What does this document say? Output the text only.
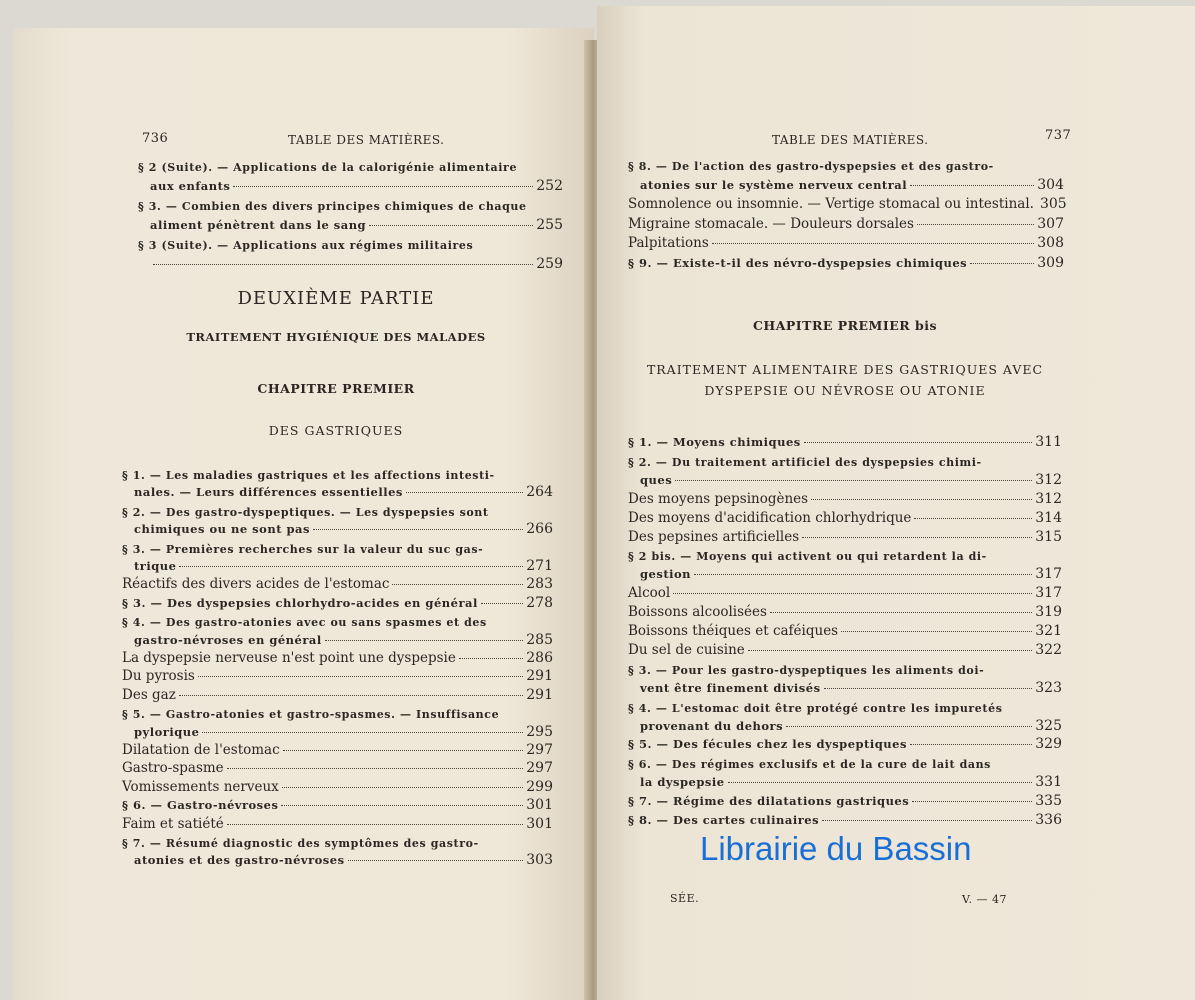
736	TABLE DES MATIÈRES.
§ 2 (Suite). — Applications de la calorigénie alimentaire
aux enfants	252
§ 3. — Combien des divers principes chimiques de chaque
aliment pénètrent dans le sang	255
§ 3 (Suite). — Applications aux régimes militaires
259
DEUXIÈME PARTIE
TRAITEMENT HYGIÉNIQUE DES MALADES
CHAPITRE PREMIER
DES GASTRIQUES
§ 1. — Les maladies gastriques et les affections intesti-
nales. — Leurs différences essentielles	264
§ 2. — Des gastro-dyspeptiques. — Les dyspepsies sont
chimiques ou ne sont pas	266
§ 3. — Premières recherches sur la valeur du suc gas-
trique	271
Réactifs des divers acides de l'estomac	283
§ 3. — Des dyspepsies chlorhydro-acides en général	278
§ 4. — Des gastro-atonies avec ou sans spasmes et des
gastro-névroses en général	285
La dyspepsie nerveuse n'est point une dyspepsie	286
Du pyrosis	291
Des gaz	291
§ 5. — Gastro-atonies et gastro-spasmes. — Insuffisance
pylorique	295
Dilatation de l'estomac	297
Gastro-spasme	297
Vomissements nerveux	299
§ 6. — Gastro-névroses	301
Faim et satiété	301
§ 7. — Résumé diagnostic des symptômes des gastro-
atonies et des gastro-névroses	303
TABLE DES MATIÈRES.	737
§ 8. — De l'action des gastro-dyspepsies et des gastro-
atonies sur le système nerveux central	304
Somnolence ou insomnie. — Vertige stomacal ou intestinal. 305
Migraine stomacale. — Douleurs dorsales	307
Palpitations	308
§ 9. — Existe-t-il des névro-dyspepsies chimiques	309
CHAPITRE PREMIER bis
TRAITEMENT ALIMENTAIRE DES GASTRIQUES AVEC
DYSPEPSIE OU NÉVROSE OU ATONIE
§ 1. — Moyens chimiques	311
§ 2. — Du traitement artificiel des dyspepsies chimi-
ques	312
Des moyens pepsinogènes	312
Des moyens d'acidification chlorhydrique	314
Des pepsines artificielles	315
§ 2 bis. — Moyens qui activent ou qui retardent la di-
gestion	317
Alcool	317
Boissons alcoolisées	319
Boissons théiques et caféiques	321
Du sel de cuisine	322
§ 3. — Pour les gastro-dyspeptiques les aliments doi-
vent être finement divisés	323
§ 4. — L'estomac doit être protégé contre les impuretés
provenant du dehors	325
§ 5. — Des fécules chez les dyspeptiques	329
§ 6. — Des régimes exclusifs et de la cure de lait dans
la dyspepsie	331
§ 7. — Régime des dilatations gastriques	335
§ 8. — Des cartes culinaires	336
SÉE.	V. — 47
Librairie du Bassin
